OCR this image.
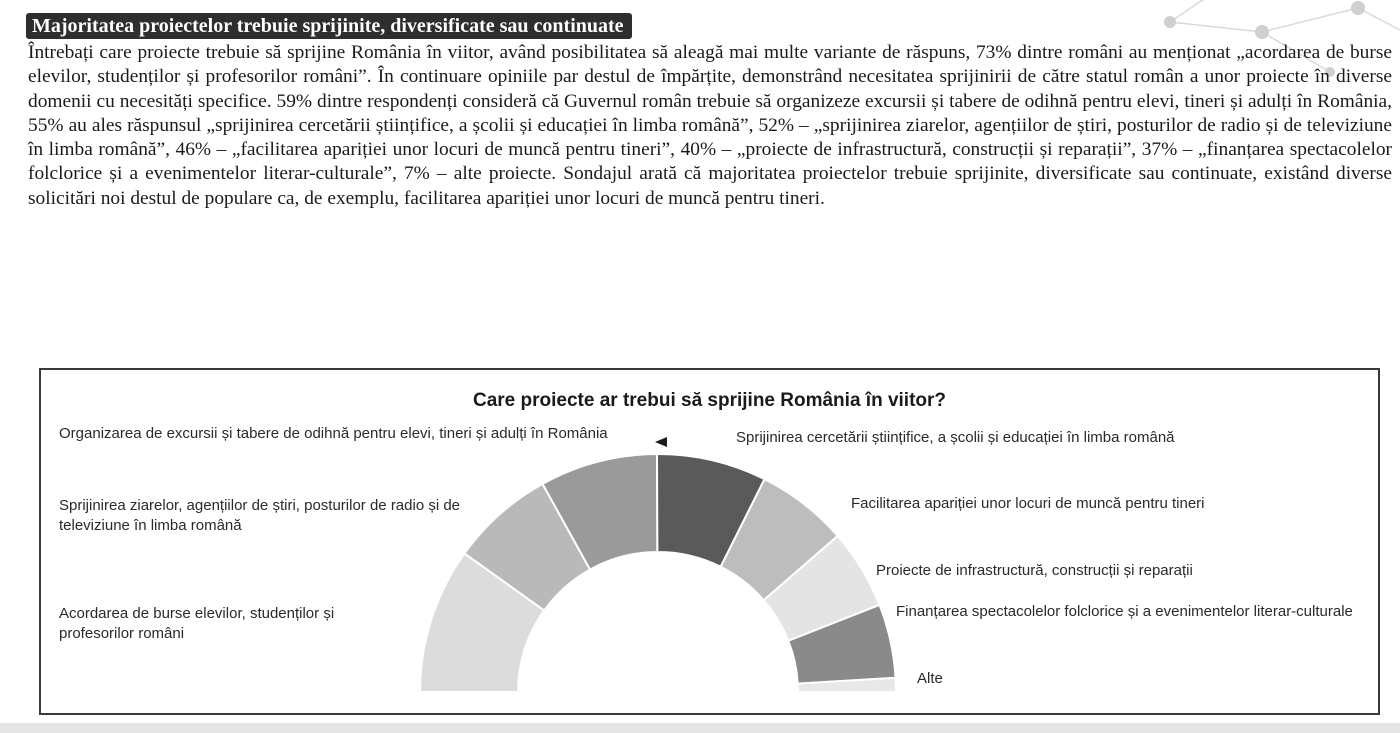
Majoritatea proiectelor trebuie sprijinite, diversificate sau continuate

Întrebați care proiecte trebuie să sprijine România în viitor, având posibilitatea să aleagă mai multe variante de răspuns, 73% dintre români au menționat „acordarea de burse elevilor, studenților și profesorilor români”. În continuare opiniile par destul de împărțite, demonstrând necesitatea sprijinirii de către statul român a unor proiecte în diverse domenii cu necesități specifice. 59% dintre respondenți consideră că Guvernul român trebuie să organizeze excursii și tabere de odihnă pentru elevi, tineri și adulți în România, 55% au ales răspunsul „sprijinirea cercetării științifice, a școlii și educației în limba română”, 52% – „sprijinirea ziarelor, agențiilor de știri, posturilor de radio și de televiziune în limba română”, 46% – „facilitarea apariției unor locuri de muncă pentru tineri”, 40% – „proiecte de infrastructură, construcții și reparații”, 37% – „finanțarea spectacolelor folclorice și a evenimentelor literar-culturale”, 7% – alte proiecte. Sondajul arată că majoritatea proiectelor trebuie sprijinite, diversificate sau continuate, existând diverse solicitări noi destul de populare ca, de exemplu, facilitarea apariției unor locuri de muncă pentru tineri.

Care proiecte ar trebui să sprijine România în viitor?
Acordarea de burse elevilor, studenților și profesorilor români
Sprijinirea ziarelor, agențiilor de știri, posturilor de radio și de televiziune în limba română
Organizarea de excursii și tabere de odihnă pentru elevi, tineri și adulți în România	Sprijinirea cercetării științifice, a școlii și educației în limba română
Facilitarea apariției unor locuri de muncă pentru tineri
Proiecte de infrastructură, construcții și reparații
Finanțarea spectacolelor folclorice și a evenimentelor literar-culturale
Alte
